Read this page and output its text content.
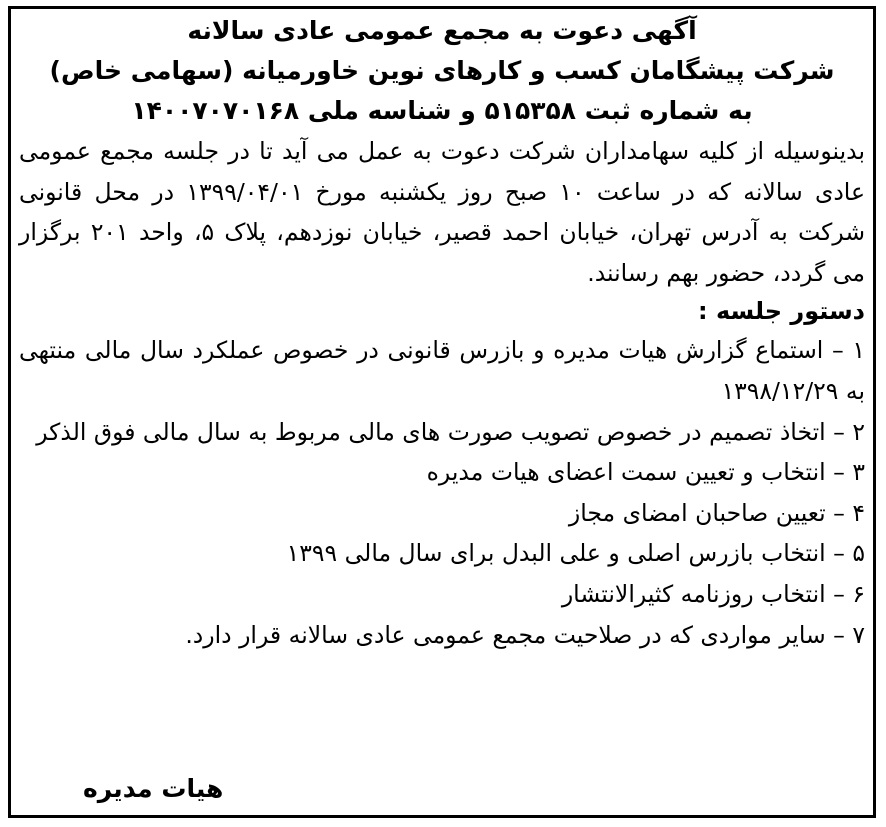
آگهی دعوت به مجمع عمومی عادی سالانه
شرکت پیشگامان کسب و کارهای نوین خاورمیانه (سهامی خاص)
به شماره ثبت ۵۱۵۳۵۸ و شناسه ملی ۱۴۰۰۷۰۷۰۱۶۸

بدینوسیله از کلیه سهامداران شرکت دعوت به عمل می آید تا در جلسه مجمع عمومی عادی سالانه که در ساعت ۱۰ صبح روز یکشنبه مورخ ۱۳۹۹/۰۴/۰۱ در محل قانونی شرکت به آدرس تهران، خیابان احمد قصیر، خیابان نوزدهم، پلاک ۵، واحد ۲۰۱ برگزار می گردد، حضور بهم رسانند.

دستور جلسه :

۱ – استماع گزارش هیات مدیره و بازرس قانونی در خصوص عملکرد سال مالی منتهی به ۱۳۹۸/۱۲/۲۹
۲ – اتخاذ تصمیم در خصوص تصویب صورت های مالی مربوط به سال مالی فوق الذکر
۳ – انتخاب و تعیین سمت اعضای هیات مدیره
۴ – تعیین صاحبان امضای مجاز
۵ – انتخاب بازرس اصلی و علی البدل برای سال مالی ۱۳۹۹
۶ – انتخاب روزنامه کثیرالانتشار
۷ – سایر مواردی که در صلاحیت مجمع عمومی عادی سالانه قرار دارد.
هیات مدیره
